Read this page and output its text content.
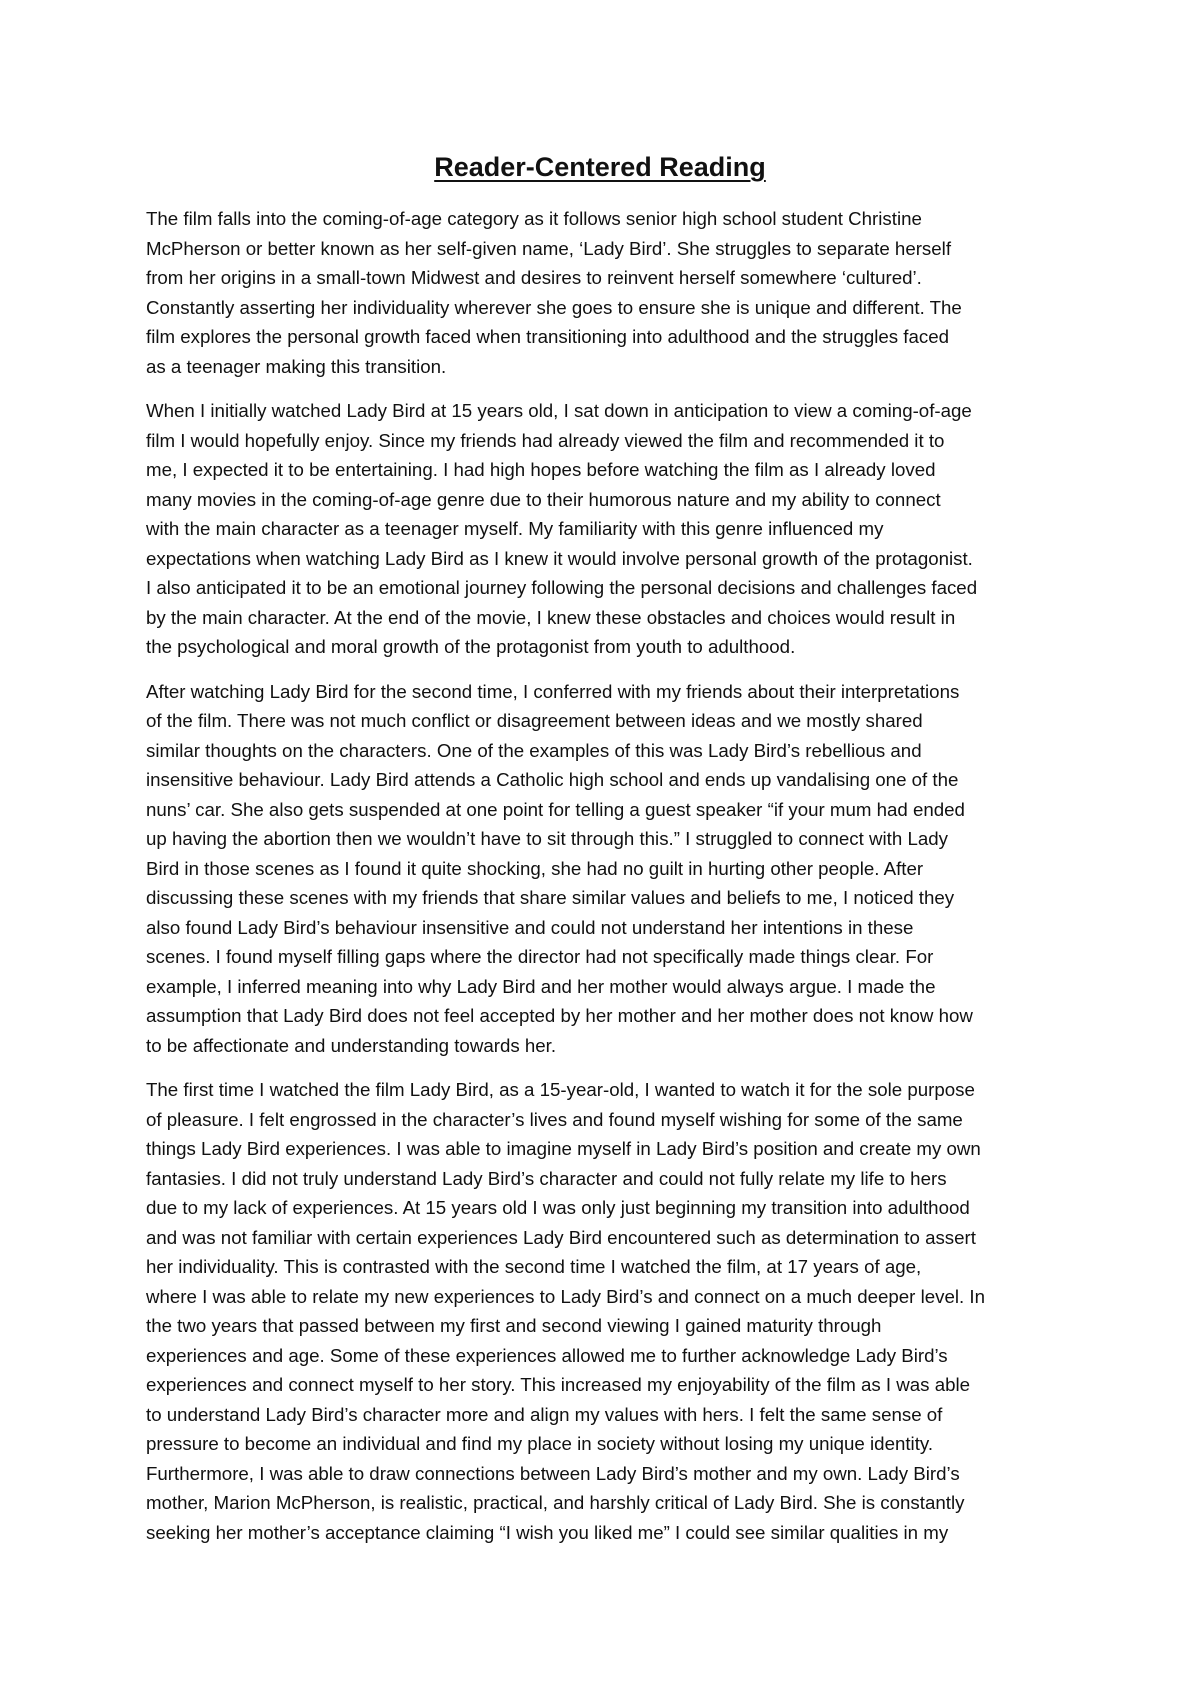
Reader-Centered Reading

The film falls into the coming-of-age category as it follows senior high school student Christine
McPherson or better known as her self-given name, ‘Lady Bird’. She struggles to separate herself
from her origins in a small-town Midwest and desires to reinvent herself somewhere ‘cultured’.
Constantly asserting her individuality wherever she goes to ensure she is unique and different. The
film explores the personal growth faced when transitioning into adulthood and the struggles faced
as a teenager making this transition.

When I initially watched Lady Bird at 15 years old, I sat down in anticipation to view a coming-of-age
film I would hopefully enjoy. Since my friends had already viewed the film and recommended it to
me, I expected it to be entertaining. I had high hopes before watching the film as I already loved
many movies in the coming-of-age genre due to their humorous nature and my ability to connect
with the main character as a teenager myself. My familiarity with this genre influenced my
expectations when watching Lady Bird as I knew it would involve personal growth of the protagonist.
I also anticipated it to be an emotional journey following the personal decisions and challenges faced
by the main character. At the end of the movie, I knew these obstacles and choices would result in
the psychological and moral growth of the protagonist from youth to adulthood.

After watching Lady Bird for the second time, I conferred with my friends about their interpretations
of the film. There was not much conflict or disagreement between ideas and we mostly shared
similar thoughts on the characters. One of the examples of this was Lady Bird’s rebellious and
insensitive behaviour. Lady Bird attends a Catholic high school and ends up vandalising one of the
nuns’ car. She also gets suspended at one point for telling a guest speaker “if your mum had ended
up having the abortion then we wouldn’t have to sit through this.” I struggled to connect with Lady
Bird in those scenes as I found it quite shocking, she had no guilt in hurting other people. After
discussing these scenes with my friends that share similar values and beliefs to me, I noticed they
also found Lady Bird’s behaviour insensitive and could not understand her intentions in these
scenes. I found myself filling gaps where the director had not specifically made things clear. For
example, I inferred meaning into why Lady Bird and her mother would always argue. I made the
assumption that Lady Bird does not feel accepted by her mother and her mother does not know how
to be affectionate and understanding towards her.

The first time I watched the film Lady Bird, as a 15-year-old, I wanted to watch it for the sole purpose
of pleasure. I felt engrossed in the character’s lives and found myself wishing for some of the same
things Lady Bird experiences. I was able to imagine myself in Lady Bird’s position and create my own
fantasies. I did not truly understand Lady Bird’s character and could not fully relate my life to hers
due to my lack of experiences. At 15 years old I was only just beginning my transition into adulthood
and was not familiar with certain experiences Lady Bird encountered such as determination to assert
her individuality. This is contrasted with the second time I watched the film, at 17 years of age,
where I was able to relate my new experiences to Lady Bird’s and connect on a much deeper level. In
the two years that passed between my first and second viewing I gained maturity through
experiences and age. Some of these experiences allowed me to further acknowledge Lady Bird’s
experiences and connect myself to her story. This increased my enjoyability of the film as I was able
to understand Lady Bird’s character more and align my values with hers. I felt the same sense of
pressure to become an individual and find my place in society without losing my unique identity.
Furthermore, I was able to draw connections between Lady Bird’s mother and my own. Lady Bird’s
mother, Marion McPherson, is realistic, practical, and harshly critical of Lady Bird. She is constantly
seeking her mother’s acceptance claiming “I wish you liked me” I could see similar qualities in my
